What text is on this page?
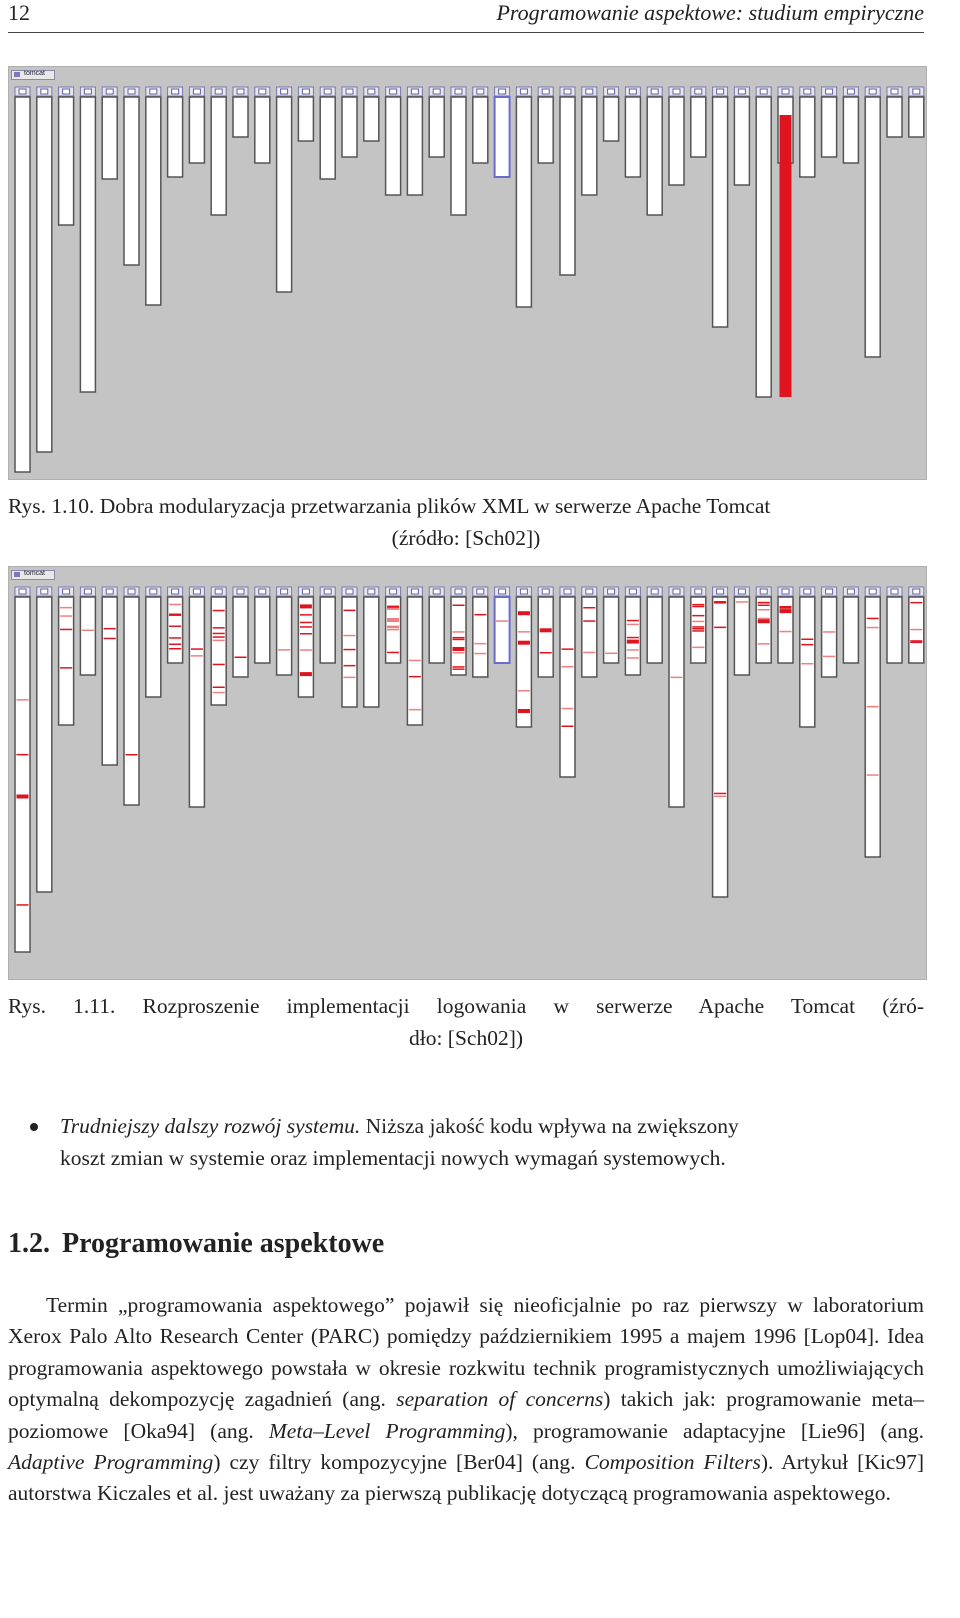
12	Programowanie aspektowe: studium empiryczne
tomcat

Rys. 1.10. Dobra modularyzacja przetwarzania plików XML w serwerze Apache Tomcat

(źródło: [Sch02])

tomcat

Rys. 1.11. Rozproszenie implementacji logowania w serwerze Apache Tomcat (źró-

dło: [Sch02])

Trudniejszy dalszy rozwój systemu. Niższa jakość kodu wpływa na zwiększony
koszt zmian w systemie oraz implementacji nowych wymagań systemowych.
1.2. Programowanie aspektowe

Termin „programowania aspektowego” pojawił się nieoficjalnie po raz pierwszy w laboratorium Xerox Palo Alto Research Center (PARC) pomiędzy październikiem 1995 a majem 1996 [Lop04]. Idea programowania aspektowego powstała w okresie rozkwitu technik programistycznych umożliwiających optymalną dekompozycję zagadnień (ang. separation of concerns) takich jak: programowanie meta–poziomowe [Oka94] (ang. Meta–Level Programming), programowanie adaptacyjne [Lie96] (ang. Adaptive Programming) czy filtry kompozycyjne [Ber04] (ang. Composition Filters). Artykuł [Kic97] autorstwa Kiczales et al. jest uważany za pierwszą publikację dotyczącą programowania aspektowego.
